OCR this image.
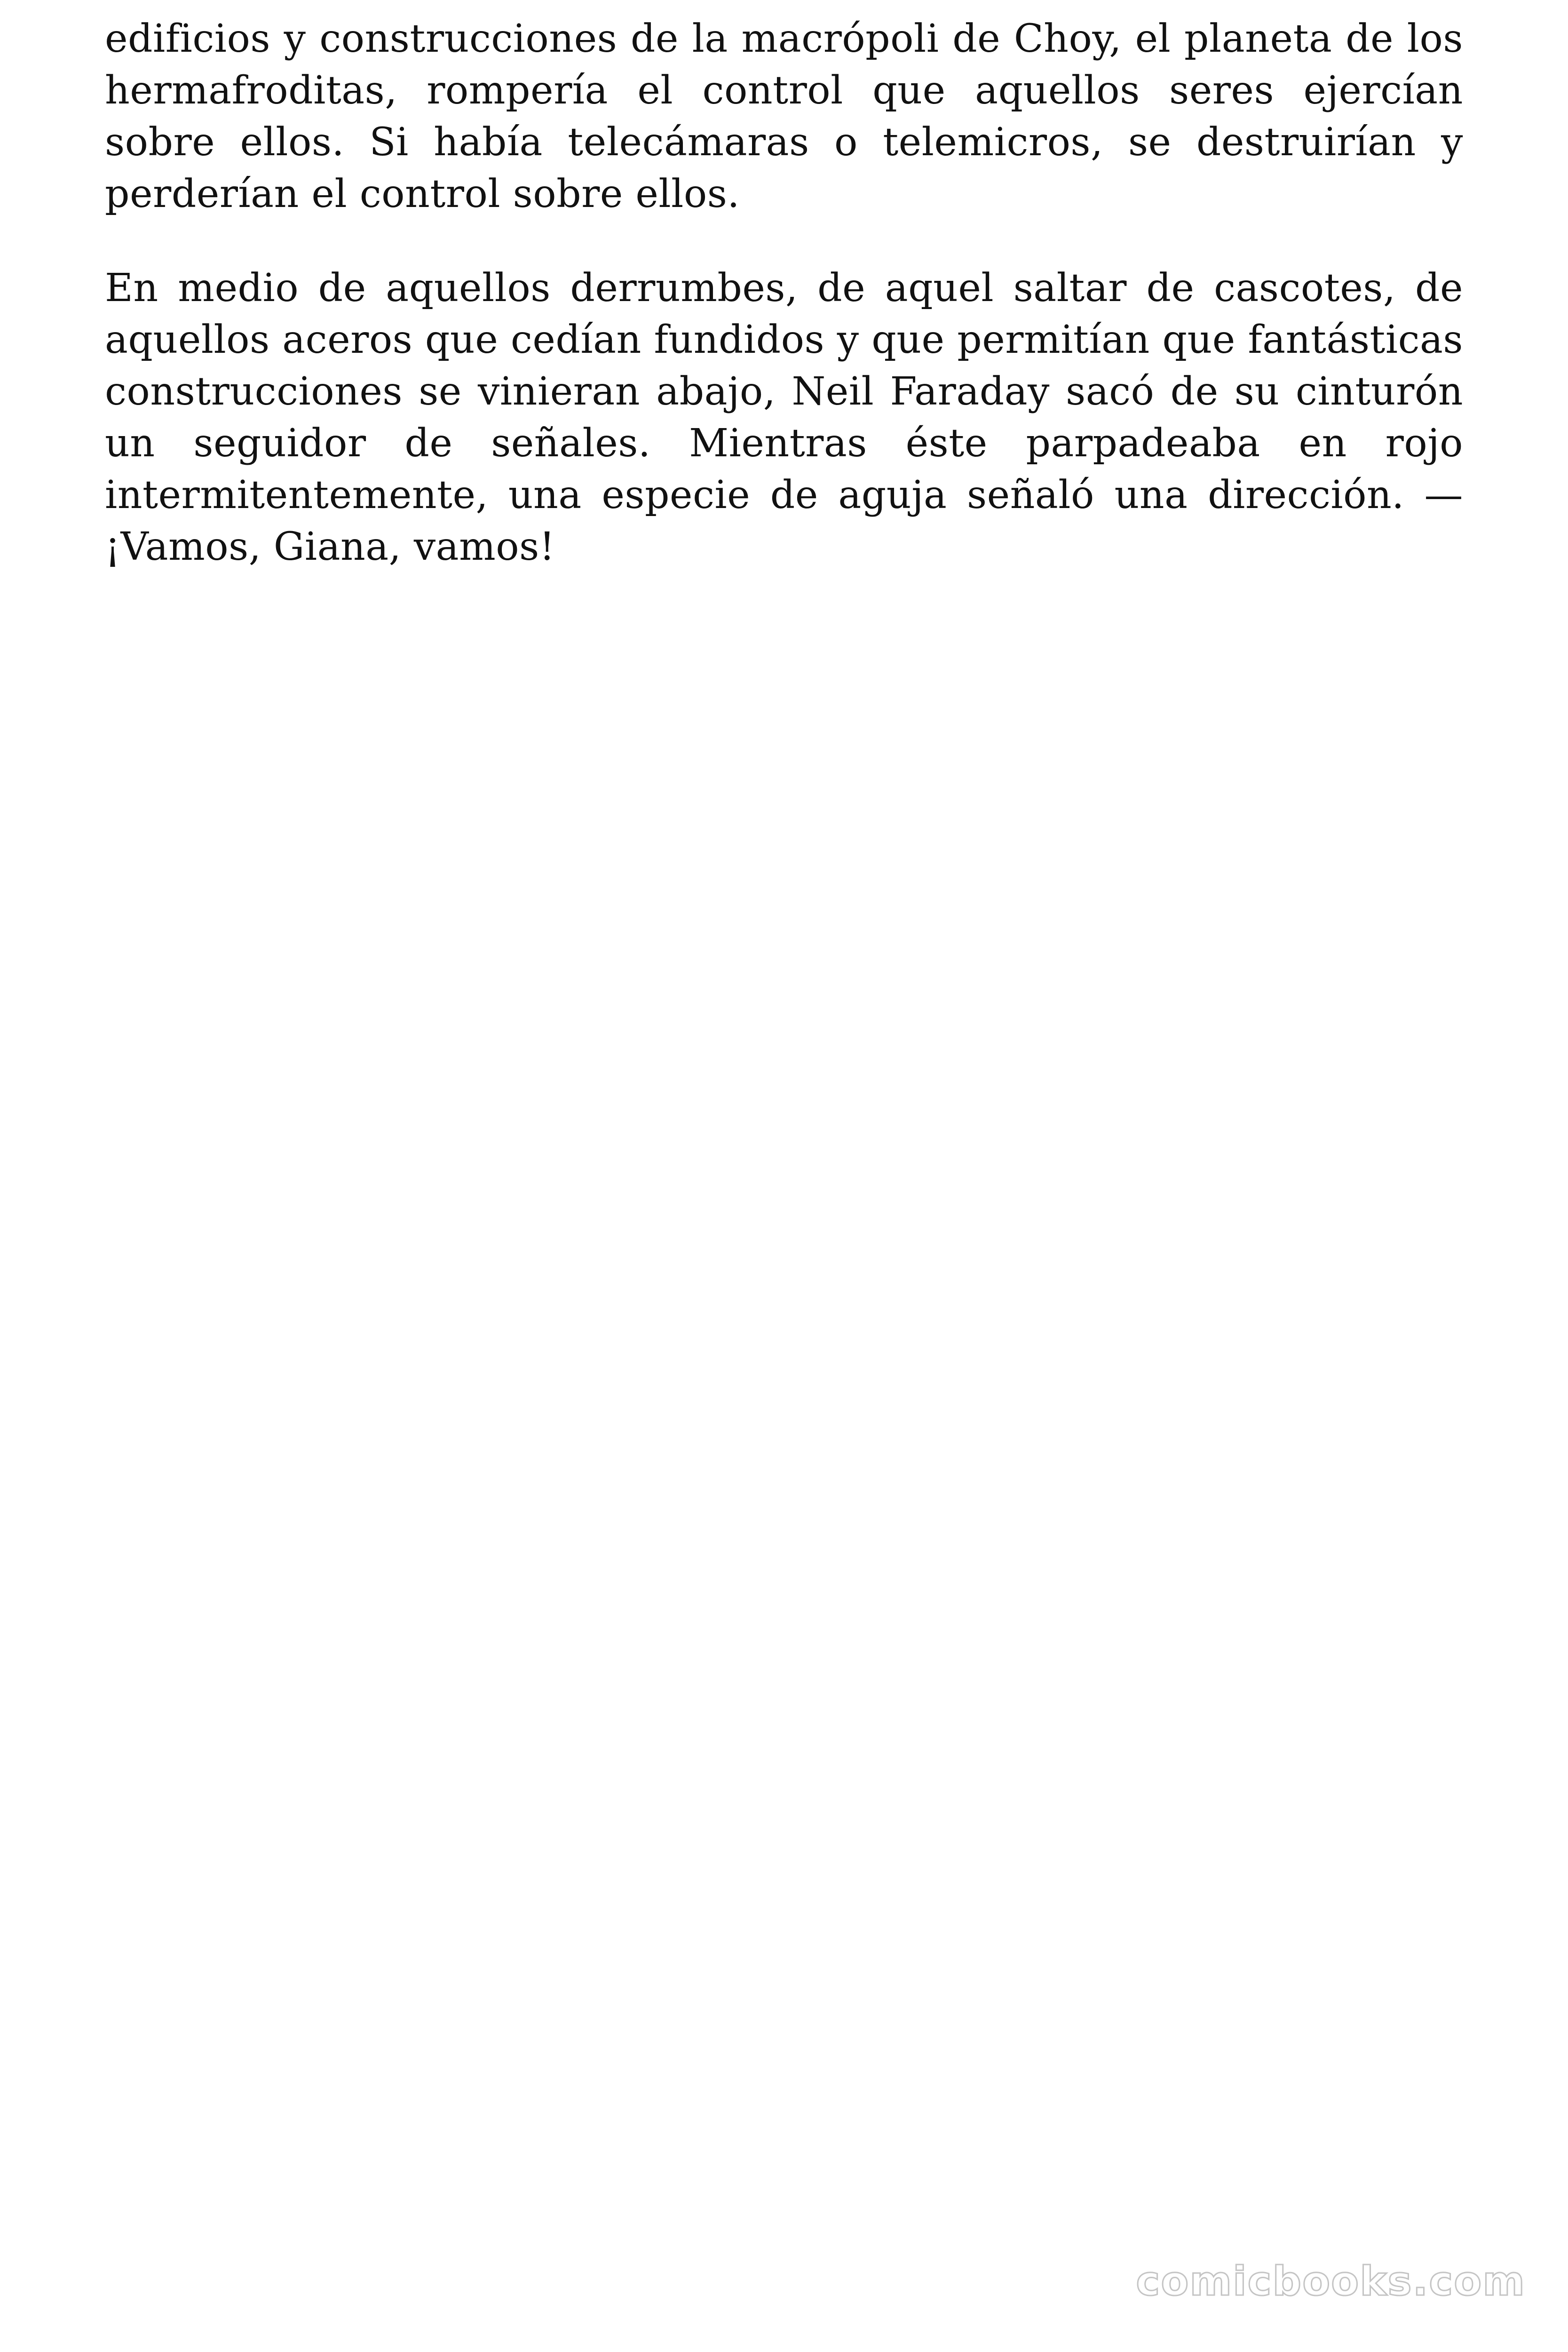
edificios y construcciones de la macrópoli de Choy, el planeta de los hermafroditas, rompería el control que aquellos seres ejercían sobre ellos. Si había telecámaras o telemicros, se destruirían y perderían el control sobre ellos.

En medio de aquellos derrumbes, de aquel saltar de cascotes, de aquellos aceros que cedían fundidos y que permitían que fantásticas construcciones se vinieran abajo, Neil Faraday sacó de su cinturón un seguidor de señales. Mientras éste parpadeaba en rojo intermitentemente, una especie de aguja señaló una dirección. —¡Vamos, Giana, vamos!

comicbooks.com
